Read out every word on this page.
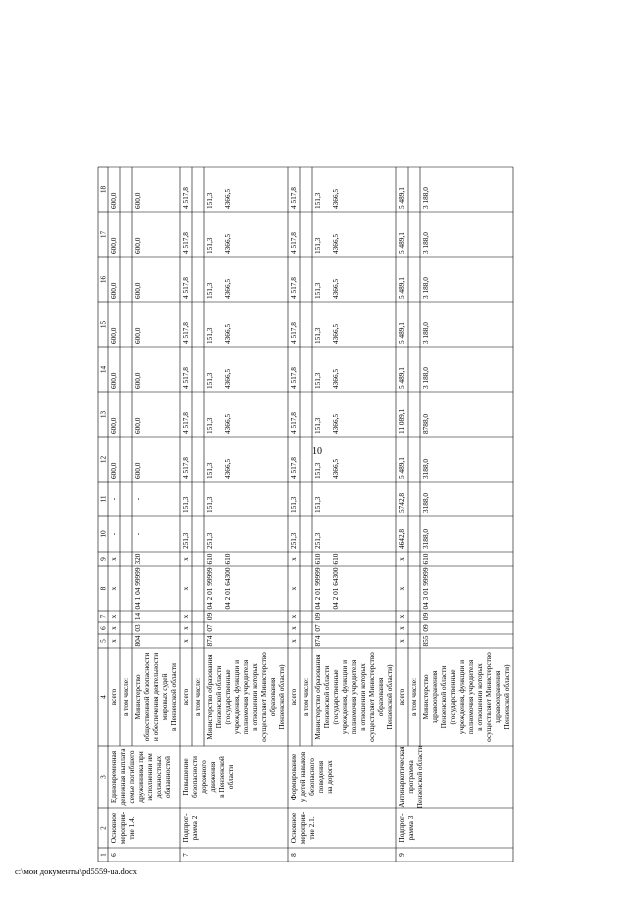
10
1
2
3
4
5
6
7
8
9
10
11
12
13
14
15
16
17
18
6
Основное мероприя- тие 1.4.
Единовременная денежная выплата семье погибшего дружинника при исполнении им должностных обязанностей
всего
x
x
x
x
x
-
-
600,0
600,0
600,0
600,0
600,0
600,0
600,0
в том числе: Министерство общественной безопасности и обеспечения деятельности мировых судей в Пензенской области
804
03
14
04 1 04 99999
320
-
-
600,0
600,0
600,0
600,0
600,0
600,0
600,0
7
Подпрог- рамма 2
Повышение безопасности дорожного движения в Пензенской области
всего
x
x
x
x
x
251,3
151,3
4 517,8
4 517,8
4 517,8
4 517,8
4 517,8
4 517,8
4 517,8
в том числе: Министерство образования Пензенской области (государственные учреждения, функции и полномочия учредителя в отношении которых осуществляет Министерство образования Пензенской области)
874
07
09
04 2 01 99999
610
251,3
151,3
151,3
151,3
151,3
151,3
151,3
151,3
151,3
04 2 01 64300
610
4366,5
4366,5
4366,5
4366,5
4366,5
4366,5
4366,5
8
Основное мероприя- тие 2.1.
Формирование у детей навыков безопасного поведения на дорогах
всего
x
x
x
x
x
251,3
151,3
4 517,8
4 517,8
4 517,8
4 517,8
4 517,8
4 517,8
4 517,8
в том числе: Министерство образования Пензенской области (государственные учреждения, функции и полномочия учредителя в отношении которых осуществляет Министерство образования Пензенской области)
874
07
09
04 2 01 99999
610
251,3
151,3
151,3
151,3
151,3
151,3
151,3
151,3
151,3
04 2 01 64300
610
4366,5
4366,5
4366,5
4366,5
4366,5
4366,5
4366,5
9
Подпрог- рамма 3
Антинаркотическая программа Пензенской области
всего
x
x
x
x
x
4642,8
5742,8
5 489,1
11 089,1
5 489,1
5 489,1
5 489,1
5 489,1
5 489,1
в том числе: Министерство здравоохранения Пензенской области (государственные учреждения, функции и полномочия учредителя в отношении которых осуществляет Министерство здравоохранения Пензенской области)
855
09
09
04 3 01 99999
610
3188,0
3188,0
3188,0
8788,0
3 188,0
3 188,0
3 188,0
3 188,0
3 188,0
c:\мои документы\pd5559-ua.docx
